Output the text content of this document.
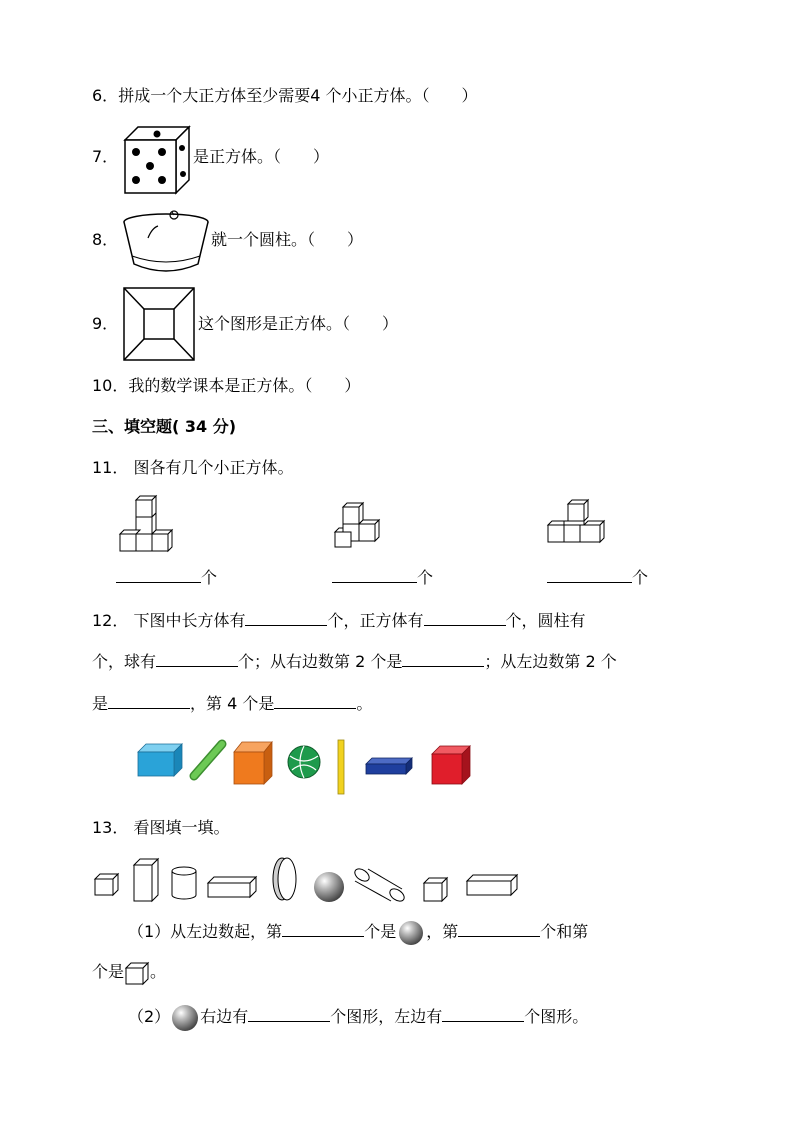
6．拼成一个大正方体至少需要4 个小正方体。（　　）
7．	是正方体。（　　）
8．	就一个圆柱。（　　）
9．	这个图形是正方体。（　　）
10．我的数学课本是正方体。（　　）
三、填空题( 34 分)
11． 图各有几个小正方体。
个	个	个
12． 下图中长方体有	个，正方体有	个，圆柱有
个，球有	个；从右边数第 2 个是	；从左边数第 2 个
是	，第 4 个是	。
13． 看图填一填。
（1）从左边数起，第	个是 ，第	个和第
个是 。
（2） 右边有	个图形，左边有	个图形。
